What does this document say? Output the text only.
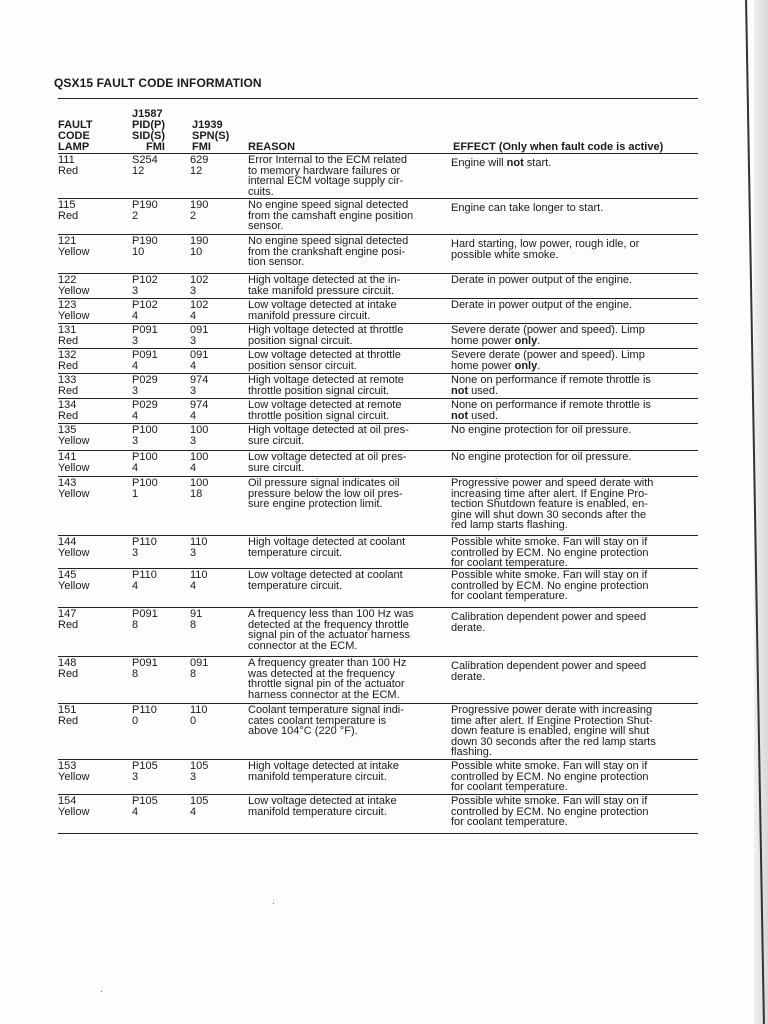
QSX15 FAULT CODE INFORMATION
FAULT
CODE
LAMP
J1587
PID(P)
SID(S)
FMI
J1939
SPN(S)
FMI	REASON	EFFECT (Only when fault code is active)
111
Red
S254
12
629
12
Error Internal to the ECM related
to memory hardware failures or
internal ECM voltage supply cir-
cuits.
Engine will not start.
115
Red
P190
2
190
2
No engine speed signal detected
from the camshaft engine position
sensor.
Engine can take longer to start.
121
Yellow
P190
10
190
10
No engine speed signal detected
from the crankshaft engine posi-
tion sensor.
Hard starting, low power, rough idle, or
possible white smoke.
122
Yellow
P102
3
102
3
High voltage detected at the in-
take manifold pressure circuit.
Derate in power output of the engine.
123
Yellow
P102
4
102
4
Low voltage detected at intake
manifold pressure circuit.
Derate in power output of the engine.
131
Red
P091
3
091
3
High voltage detected at throttle
position signal circuit.
Severe derate (power and speed). Limp
home power only.
132
Red
P091
4
091
4
Low voltage detected at throttle
position sensor circuit.
Severe derate (power and speed). Limp
home power only.
133
Red
P029
3
974
3
High voltage detected at remote
throttle position signal circuit.
None on performance if remote throttle is
not used.
134
Red
P029
4
974
4
Low voltage detected at remote
throttle position signal circuit.
None on performance if remote throttle is
not used.
135
Yellow
P100
3
100
3
High voltage detected at oil pres-
sure circuit.
No engine protection for oil pressure.
141
Yellow
P100
4
100
4
Low voltage detected at oil pres-
sure circuit.
No engine protection for oil pressure.
143
Yellow
P100
1
100
18
Oil pressure signal indicates oil
pressure below the low oil pres-
sure engine protection limit.
Progressive power and speed derate with
increasing time after alert. If Engine Pro-
tection Shutdown feature is enabled, en-
gine will shut down 30 seconds after the
red lamp starts flashing.
144
Yellow
P110
3
110
3
High voltage detected at coolant
temperature circuit.
Possible white smoke. Fan will stay on if
controlled by ECM. No engine protection
for coolant temperature.
145
Yellow
P110
4
110
4
Low voltage detected at coolant
temperature circuit.
Possible white smoke. Fan will stay on if
controlled by ECM. No engine protection
for coolant temperature.
147
Red
P091
8
91
8
A frequency less than 100 Hz was
detected at the frequency throttle
signal pin of the actuator harness
connector at the ECM.
Calibration dependent power and speed
derate.
148
Red
P091
8
091
8
A frequency greater than 100 Hz
was detected at the frequency
throttle signal pin of the actuator
harness connector at the ECM.
Calibration dependent power and speed
derate.
151
Red
P110
0
110
0
Coolant temperature signal indi-
cates coolant temperature is
above 104°C (220 °F).
Progressive power derate with increasing
time after alert. If Engine Protection Shut-
down feature is enabled, engine will shut
down 30 seconds after the red lamp starts
flashing.
153
Yellow
P105
3
105
3
High voltage detected at intake
manifold temperature circuit.
Possible white smoke. Fan will stay on if
controlled by ECM. No engine protection
for coolant temperature.
154
Yellow
P105
4
105
4
Low voltage detected at intake
manifold temperature circuit.
Possible white smoke. Fan will stay on if
controlled by ECM. No engine protection
for coolant temperature.
·
·
